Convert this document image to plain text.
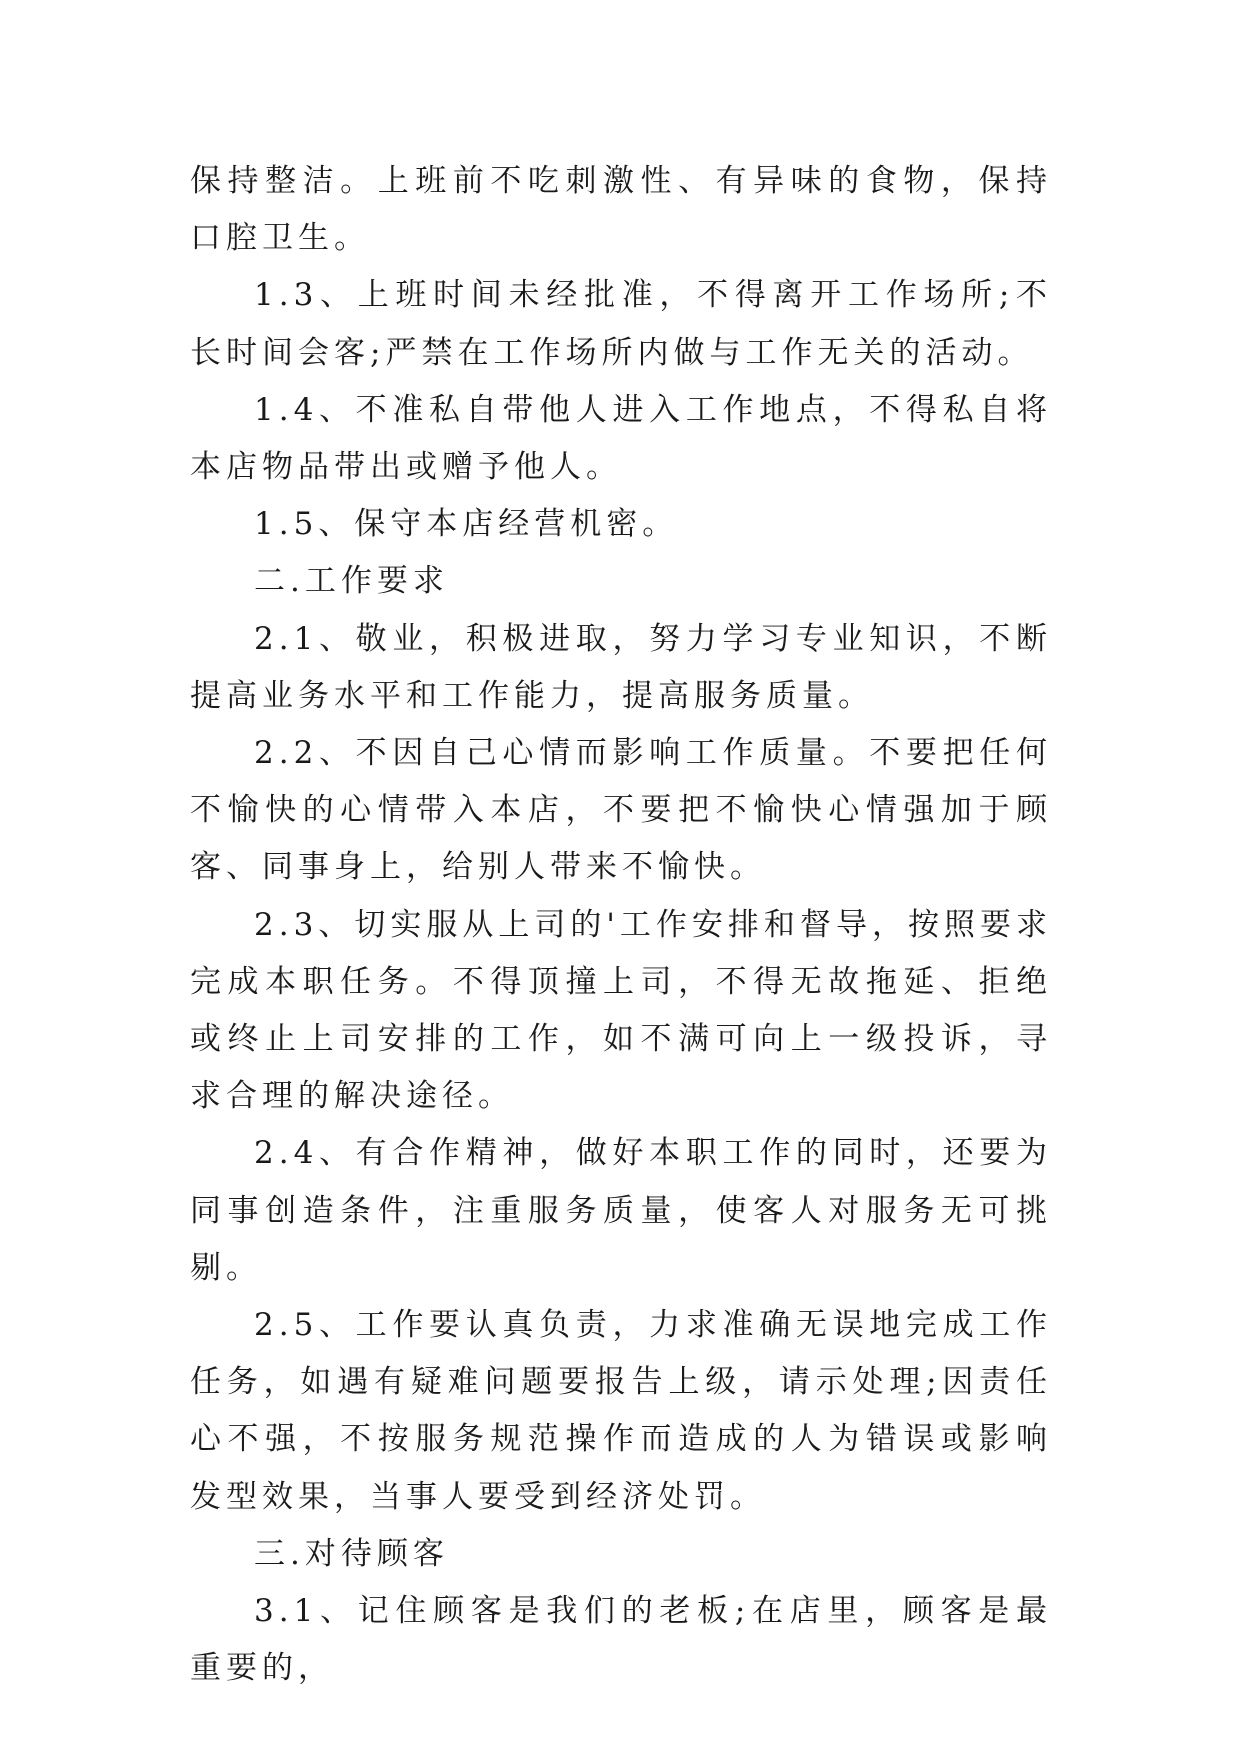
保持整洁。上班前不吃刺激性、有异味的食物，保持口腔卫生。

1.3、上班时间未经批准，不得离开工作场所;不长时间会客;严禁在工作场所内做与工作无关的活动。

1.4、不准私自带他人进入工作地点，不得私自将本店物品带出或赠予他人。

1.5、保守本店经营机密。

二.工作要求

2.1、敬业，积极进取，努力学习专业知识，不断提高业务水平和工作能力，提高服务质量。

2.2、不因自己心情而影响工作质量。不要把任何不愉快的心情带入本店，不要把不愉快心情强加于顾客、同事身上，给别人带来不愉快。

2.3、切实服从上司的'工作安排和督导，按照要求完成本职任务。不得顶撞上司，不得无故拖延、拒绝或终止上司安排的工作，如不满可向上一级投诉，寻求合理的解决途径。

2.4、有合作精神，做好本职工作的同时，还要为同事创造条件，注重服务质量，使客人对服务无可挑剔。

2.5、工作要认真负责，力求准确无误地完成工作任务，如遇有疑难问题要报告上级，请示处理;因责任心不强，不按服务规范操作而造成的人为错误或影响发型效果，当事人要受到经济处罚。

三.对待顾客

3.1、记住顾客是我们的老板;在店里，顾客是最重要的，
